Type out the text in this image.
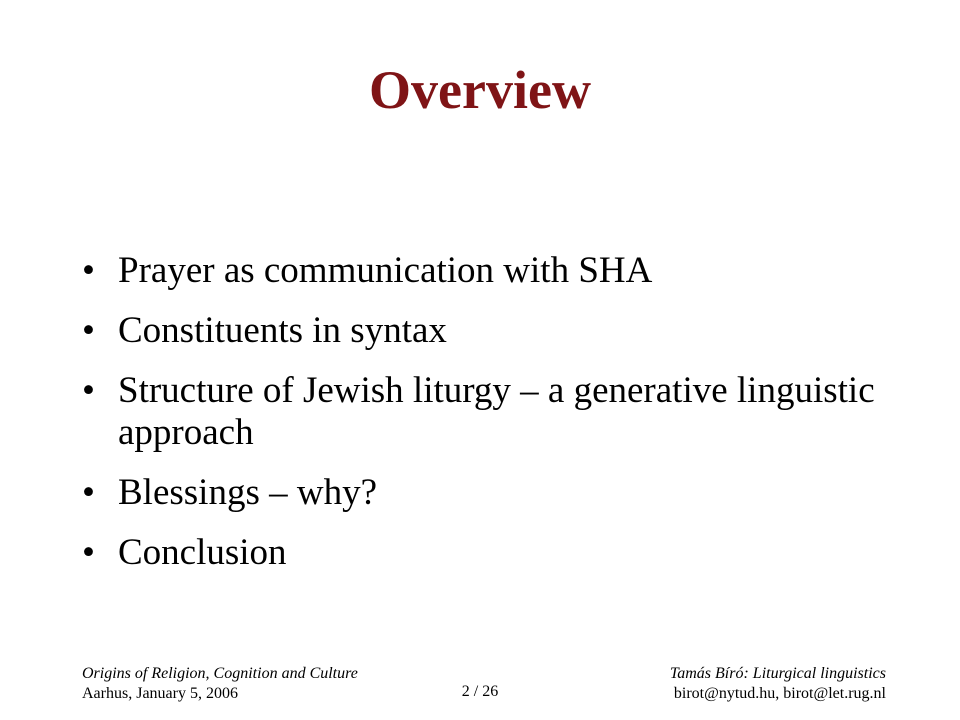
Overview
• Prayer as communication with SHA
• Constituents in syntax
• Structure of Jewish liturgy – a generative linguistic approach
• Blessings – why?
• Conclusion
Origins of Religion, Cognition and Culture
Aarhus, January 5, 2006	2 / 26
Tamás Bíró: Liturgical linguistics
birot@nytud.hu, birot@let.rug.nl
